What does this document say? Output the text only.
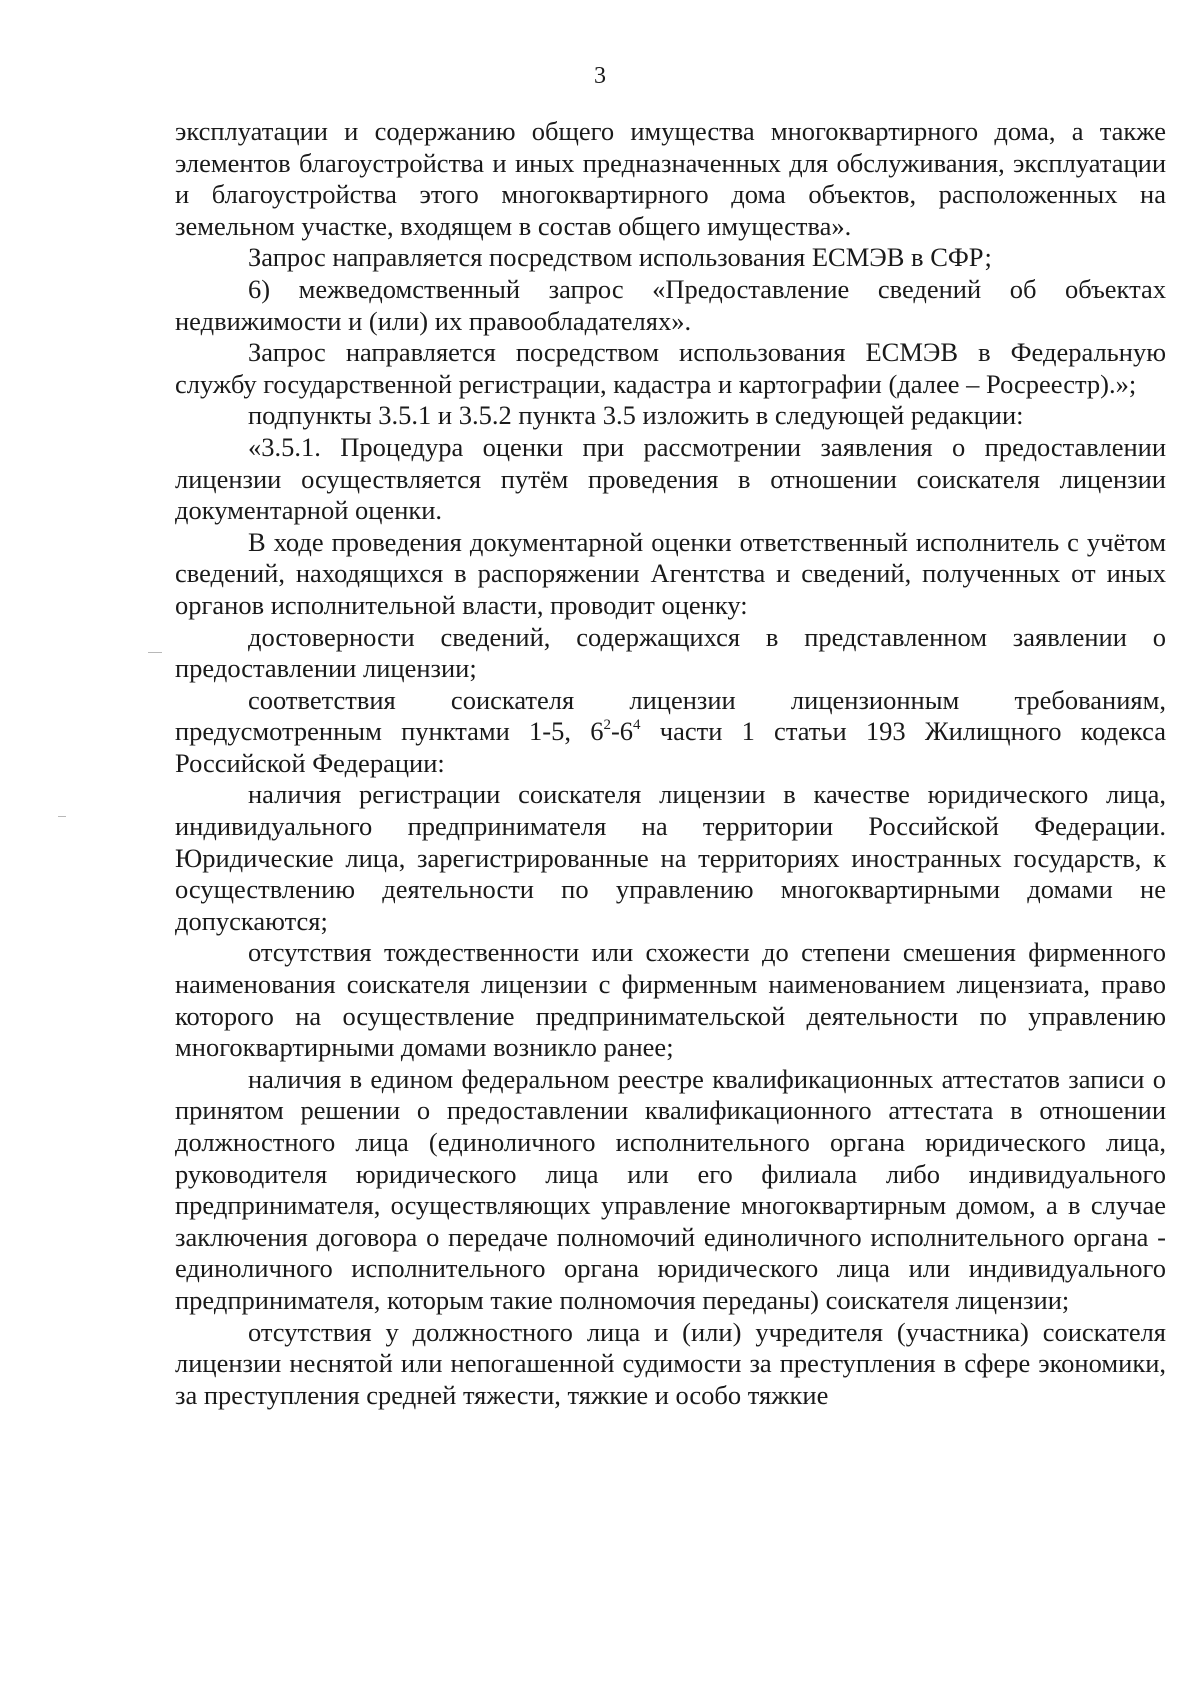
3

эксплуатации и содержанию общего имущества многоквартирного дома, а также элементов благоустройства и иных предназначенных для обслуживания, эксплуатации и благоустройства этого многоквартирного дома объектов, расположенных на земельном участке, входящем в состав общего имущества».

Запрос направляется посредством использования ЕСМЭВ в СФР;

6) межведомственный запрос «Предоставление сведений об объектах недвижимости и (или) их правообладателях».

Запрос направляется посредством использования ЕСМЭВ в Федеральную службу государственной регистрации, кадастра и картографии (далее – Росреестр).»;

подпункты 3.5.1 и 3.5.2 пункта 3.5 изложить в следующей редакции:

«3.5.1. Процедура оценки при рассмотрении заявления о предоставлении лицензии осуществляется путём проведения в отношении соискателя лицензии документарной оценки.

В ходе проведения документарной оценки ответственный исполнитель с учётом сведений, находящихся в распоряжении Агентства и сведений, полученных от иных органов исполнительной власти, проводит оценку:

достоверности сведений, содержащихся в представленном заявлении о предоставлении лицензии;

соответствия соискателя лицензии лицензионным требованиям, предусмотренным пунктами 1-5, $6^2-6^4$ части 1 статьи 193 Жилищного кодекса Российской Федерации:

наличия регистрации соискателя лицензии в качестве юридического лица, индивидуального предпринимателя на территории Российской Федерации. Юридические лица, зарегистрированные на территориях иностранных государств, к осуществлению деятельности по управлению многоквартирными домами не допускаются;

отсутствия тождественности или схожести до степени смешения фирменного наименования соискателя лицензии с фирменным наименованием лицензиата, право которого на осуществление предпринимательской деятельности по управлению многоквартирными домами возникло ранее;

наличия в едином федеральном реестре квалификационных аттестатов записи о принятом решении о предоставлении квалификационного аттестата в отношении должностного лица (единоличного исполнительного органа юридического лица, руководителя юридического лица или его филиала либо индивидуального предпринимателя, осуществляющих управление многоквартирным домом, а в случае заключения договора о передаче полномочий единоличного исполнительного органа - единоличного исполнительного органа юридического лица или индивидуального предпринимателя, которым такие полномочия переданы) соискателя лицензии;

отсутствия у должностного лица и (или) учредителя (участника) соискателя лицензии неснятой или непогашенной судимости за преступления в сфере экономики, за преступления средней тяжести, тяжкие и особо тяжкие
